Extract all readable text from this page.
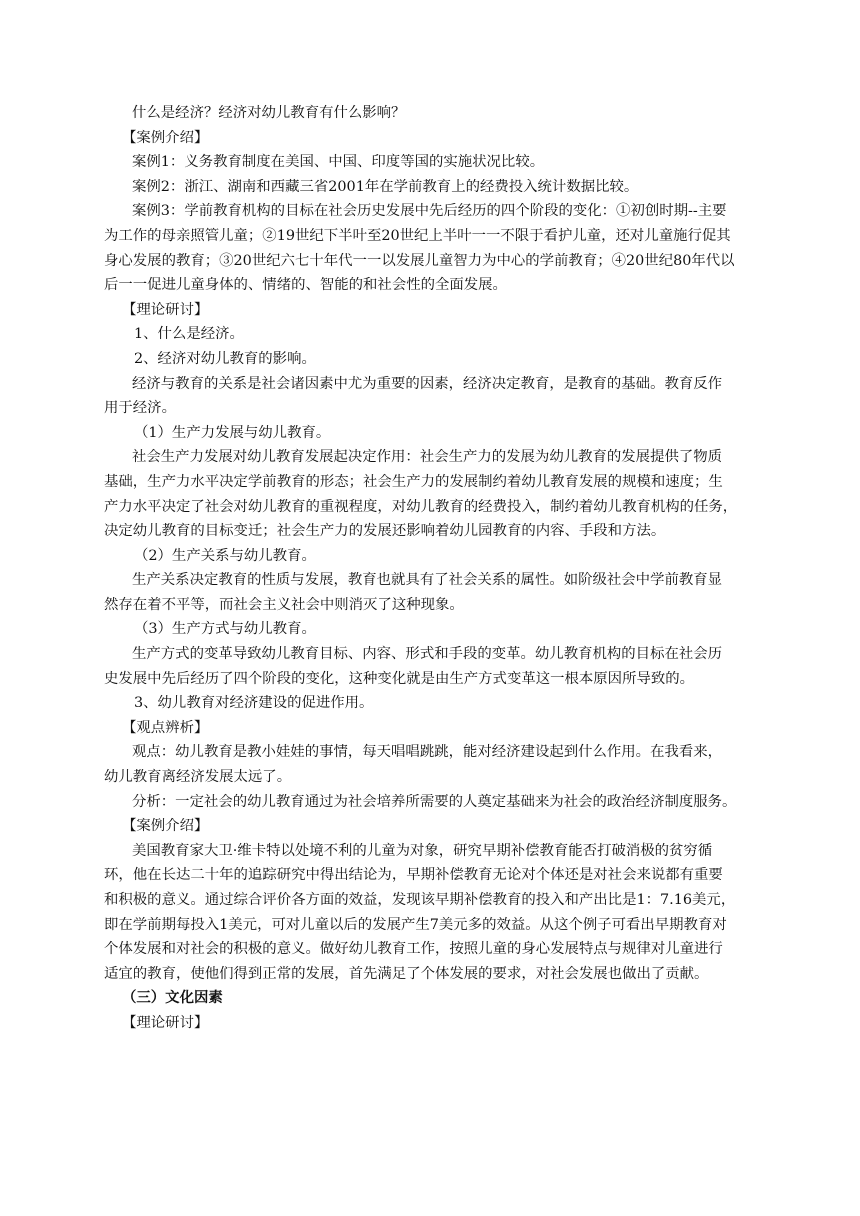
什么是经济？经济对幼儿教育有什么影响？

【案例介绍】

案例1：义务教育制度在美国、中国、印度等国的实施状况比较。

案例2：浙江、湖南和西藏三省2001年在学前教育上的经费投入统计数据比较。

案例3：学前教育机构的目标在社会历史发展中先后经历的四个阶段的变化：①初创时期--主要

为工作的母亲照管儿童；②19世纪下半叶至20世纪上半叶一一不限于看护儿童，还对儿童施行促其

身心发展的教育；③20世纪六七十年代一一以发展儿童智力为中心的学前教育；④20世纪80年代以

后一一促进儿童身体的、情绪的、智能的和社会性的全面发展。

【理论研讨】

1、什么是经济。

2、经济对幼儿教育的影响。

经济与教育的关系是社会诸因素中尤为重要的因素，经济决定教育，是教育的基础。教育反作

用于经济。

（1）生产力发展与幼儿教育。

社会生产力发展对幼儿教育发展起决定作用：社会生产力的发展为幼儿教育的发展提供了物质

基础，生产力水平决定学前教育的形态；社会生产力的发展制约着幼儿教育发展的规模和速度；生

产力水平决定了社会对幼儿教育的重视程度，对幼儿教育的经费投入，制约着幼儿教育机构的任务，

决定幼儿教育的目标变迁；社会生产力的发展还影响着幼儿园教育的内容、手段和方法。

（2）生产关系与幼儿教育。

生产关系决定教育的性质与发展，教育也就具有了社会关系的属性。如阶级社会中学前教育显

然存在着不平等，而社会主义社会中则消灭了这种现象。

（3）生产方式与幼儿教育。

生产方式的变革导致幼儿教育目标、内容、形式和手段的变革。幼儿教育机构的目标在社会历

史发展中先后经历了四个阶段的变化，这种变化就是由生产方式变革这一根本原因所导致的。

3、幼儿教育对经济建设的促进作用。

【观点辨析】

观点：幼儿教育是教小娃娃的事情，每天唱唱跳跳，能对经济建设起到什么作用。在我看来，

幼儿教育离经济发展太远了。

分析：一定社会的幼儿教育通过为社会培养所需要的人奠定基础来为社会的政治经济制度服务。

【案例介绍】

美国教育家大卫·维卡特以处境不利的儿童为对象，研究早期补偿教育能否打破消极的贫穷循

环，他在长达二十年的追踪研究中得出结论为，早期补偿教育无论对个体还是对社会来说都有重要

和积极的意义。通过综合评价各方面的效益，发现该早期补偿教育的投入和产出比是1：7.16美元，

即在学前期每投入1美元，可对儿童以后的发展产生7美元多的效益。从这个例子可看出早期教育对

个体发展和对社会的积极的意义。做好幼儿教育工作，按照儿童的身心发展特点与规律对儿童进行

适宜的教育，使他们得到正常的发展，首先满足了个体发展的要求，对社会发展也做出了贡献。

（三）文化因素

【理论研讨】
